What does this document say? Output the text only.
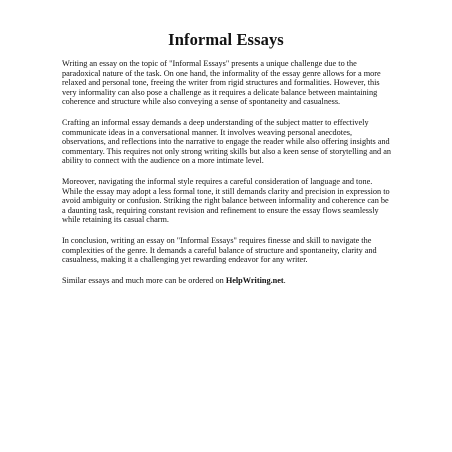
Informal Essays

Writing an essay on the topic of "Informal Essays" presents a unique challenge due to the paradoxical nature of the task. On one hand, the informality of the essay genre allows for a more relaxed and personal tone, freeing the writer from rigid structures and formalities. However, this very informality can also pose a challenge as it requires a delicate balance between maintaining coherence and structure while also conveying a sense of spontaneity and casualness.

Crafting an informal essay demands a deep understanding of the subject matter to effectively communicate ideas in a conversational manner. It involves weaving personal anecdotes, observations, and reflections into the narrative to engage the reader while also offering insights and commentary. This requires not only strong writing skills but also a keen sense of storytelling and an ability to connect with the audience on a more intimate level.

Moreover, navigating the informal style requires a careful consideration of language and tone. While the essay may adopt a less formal tone, it still demands clarity and precision in expression to avoid ambiguity or confusion. Striking the right balance between informality and coherence can be a daunting task, requiring constant revision and refinement to ensure the essay flows seamlessly while retaining its casual charm.

In conclusion, writing an essay on "Informal Essays" requires finesse and skill to navigate the complexities of the genre. It demands a careful balance of structure and spontaneity, clarity and casualness, making it a challenging yet rewarding endeavor for any writer.

Similar essays and much more can be ordered on HelpWriting.net.
